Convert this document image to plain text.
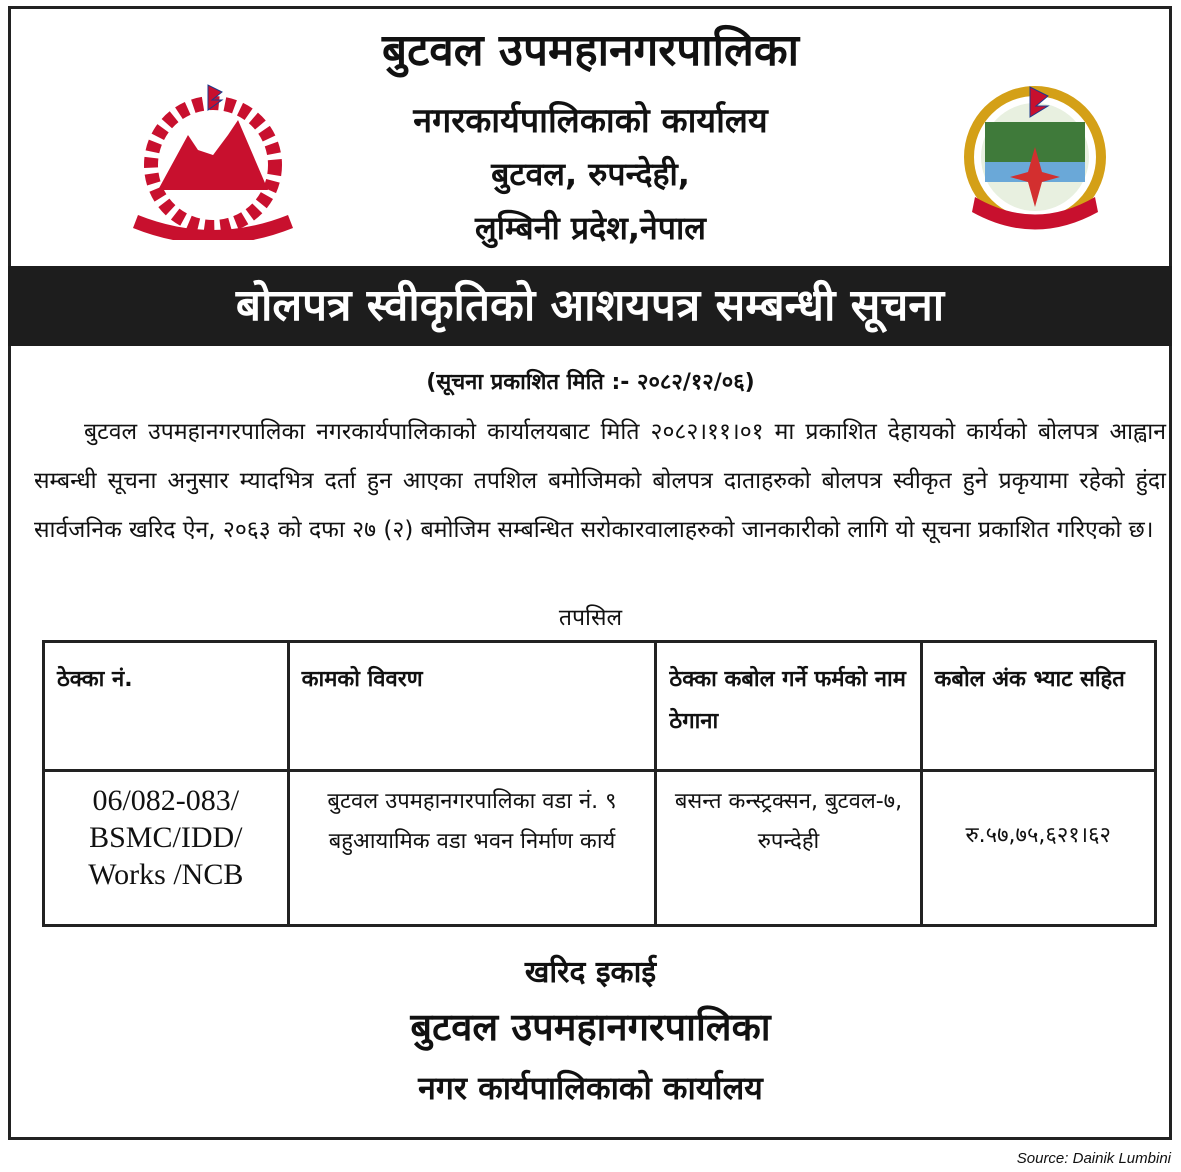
बुटवल उपमहानगरपालिका
नगरकार्यपालिकाको कार्यालय
बुटवल, रुपन्देही,
लुम्बिनी प्रदेश,नेपाल
बोलपत्र स्वीकृतिको आशयपत्र सम्बन्धी सूचना
(सूचना प्रकाशित मिति :- २०८२/१२/०६)
बुटवल उपमहानगरपालिका नगरकार्यपालिकाको कार्यालयबाट मिति २०८२।११।०१ मा प्रकाशित देहायको कार्यको बोलपत्र आह्वान सम्बन्धी सूचना अनुसार म्यादभित्र दर्ता हुन आएका तपशिल बमोजिमको बोलपत्र दाताहरुको बोलपत्र स्वीकृत हुने प्रकृयामा रहेको हुंदा सार्वजनिक खरिद ऐन, २०६३ को दफा २७ (२) बमोजिम सम्बन्धित सरोकारवालाहरुको जानकारीको लागि यो सूचना प्रकाशित गरिएको छ।
तपसिल
ठेक्का नं.	कामको विवरण	ठेक्का कबोल गर्ने फर्मको नाम ठेगाना	कबोल अंक भ्याट सहित
06/082-083/ BSMC/IDD/ Works /NCB	बुटवल उपमहानगरपालिका वडा नं. ९ बहुआयामिक वडा भवन निर्माण कार्य	बसन्त कन्स्ट्रक्सन, बुटवल-७, रुपन्देही	रु.५७,७५,६२१।६२
खरिद इकाई
बुटवल उपमहानगरपालिका
नगर कार्यपालिकाको कार्यालय
Source: Dainik Lumbini
